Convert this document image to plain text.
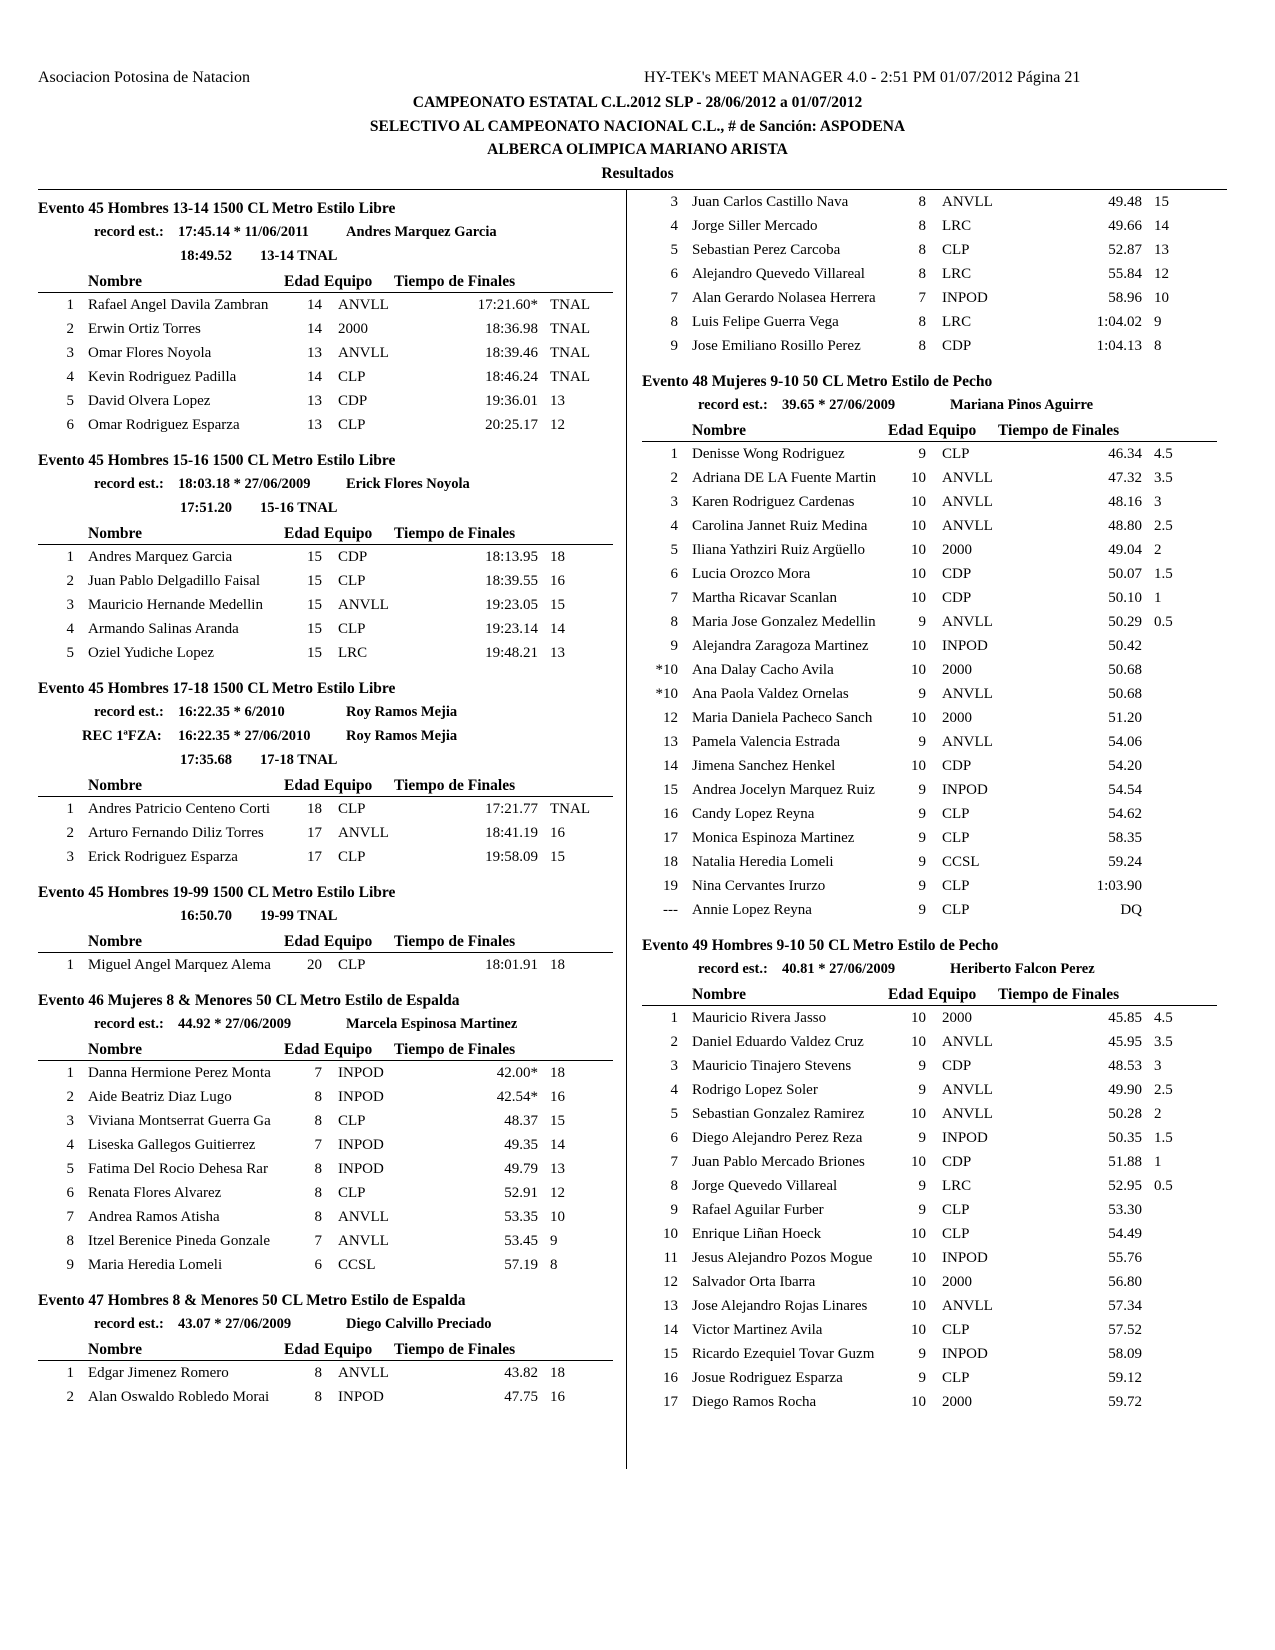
Asociacion Potosina de Natacion	HY-TEK's MEET MANAGER 4.0 - 2:51 PM 01/07/2012 Página 21
CAMPEONATO ESTATAL C.L.2012 SLP - 28/06/2012 a 01/07/2012
SELECTIVO AL CAMPEONATO NACIONAL C.L., # de Sanción: ASPODENA
ALBERCA OLIMPICA MARIANO ARISTA
Resultados
Evento 45 Hombres 13-14 1500 CL Metro Estilo Libre
record est.: 17:45.14 * 11/06/2011	Andres Marquez Garcia
18:49.52 13-14 TNAL
Nombre	Edad Equipo Tiempo de Finales
1 Rafael Angel Davila Zambran	14 ANVLL	17:21.60* TNAL
2 Erwin Ortiz Torres	14 2000	18:36.98 TNAL
3 Omar Flores Noyola	13 ANVLL	18:39.46 TNAL
4 Kevin Rodriguez Padilla	14 CLP	18:46.24 TNAL
5 David Olvera Lopez	13 CDP	19:36.01 13
6 Omar Rodriguez Esparza	13 CLP	20:25.17 12
Evento 45 Hombres 15-16 1500 CL Metro Estilo Libre
record est.: 18:03.18 * 27/06/2009 Erick Flores Noyola
17:51.20 15-16 TNAL
Nombre	Edad Equipo Tiempo de Finales
1 Andres Marquez Garcia	15 CDP	18:13.95 18
2 Juan Pablo Delgadillo Faisal	15 CLP	18:39.55 16
3 Mauricio Hernande Medellin	15 ANVLL	19:23.05 15
4 Armando Salinas Aranda	15 CLP	19:23.14 14
5 Oziel Yudiche Lopez	15 LRC	19:48.21 13
Evento 45 Hombres 17-18 1500 CL Metro Estilo Libre
record est.: 16:22.35 * 6/2010	Roy Ramos Mejia
REC 1ªFZA: 16:22.35 * 27/06/2010 Roy Ramos Mejia
17:35.68 17-18 TNAL
Nombre	Edad Equipo Tiempo de Finales
1 Andres Patricio Centeno Corti	18 CLP	17:21.77 TNAL
2 Arturo Fernando Diliz Torres	17 ANVLL	18:41.19 16
3 Erick Rodriguez Esparza	17 CLP	19:58.09 15
Evento 45 Hombres 19-99 1500 CL Metro Estilo Libre
16:50.70 19-99 TNAL
Nombre	Edad Equipo Tiempo de Finales
1 Miguel Angel Marquez Alema	20 CLP	18:01.91 18
Evento 46 Mujeres 8 & Menores 50 CL Metro Estilo de Espalda
record est.: 44.92 * 27/06/2009	Marcela Espinosa Martinez
Nombre	Edad Equipo Tiempo de Finales
1 Danna Hermione Perez Monta	7 INPOD	42.00* 18
2 Aide Beatriz Diaz Lugo	8 INPOD	42.54* 16
3 Viviana Montserrat Guerra Ga	8 CLP	48.37 15
4 Liseska Gallegos Guitierrez	7 INPOD	49.35 14
5 Fatima Del Rocio Dehesa Rar	8 INPOD	49.79 13
6 Renata Flores Alvarez	8 CLP	52.91 12
7 Andrea Ramos Atisha	8 ANVLL	53.35 10
8 Itzel Berenice Pineda Gonzale	7 ANVLL	53.45 9
9 Maria Heredia Lomeli	6 CCSL	57.19 8
Evento 47 Hombres 8 & Menores 50 CL Metro Estilo de Espalda
record est.: 43.07 * 27/06/2009	Diego Calvillo Preciado
Nombre	Edad Equipo Tiempo de Finales
1 Edgar Jimenez Romero	8 ANVLL	43.82 18
2 Alan Oswaldo Robledo Morai	8 INPOD	47.75 16
3 Juan Carlos Castillo Nava	8 ANVLL	49.48 15
4 Jorge Siller Mercado	8 LRC	49.66 14
5 Sebastian Perez Carcoba	8 CLP	52.87 13
6 Alejandro Quevedo Villareal	8 LRC	55.84 12
7 Alan Gerardo Nolasea Herrera	7 INPOD	58.96 10
8 Luis Felipe Guerra Vega	8 LRC	1:04.02 9
9 Jose Emiliano Rosillo Perez	8 CDP	1:04.13 8
Evento 48 Mujeres 9-10 50 CL Metro Estilo de Pecho
record est.: 39.65 * 27/06/2009	Mariana Pinos Aguirre
Nombre	Edad Equipo Tiempo de Finales
1 Denisse Wong Rodriguez	9 CLP	46.34 4.5
2 Adriana DE LA Fuente Martin	10 ANVLL	47.32 3.5
3 Karen Rodriguez Cardenas	10 ANVLL	48.16 3
4 Carolina Jannet Ruiz Medina	10 ANVLL	48.80 2.5
5 Iliana Yathziri Ruiz Argüello	10 2000	49.04 2
6 Lucia Orozco Mora	10 CDP	50.07 1.5
7 Martha Ricavar Scanlan	10 CDP	50.10 1
8 Maria Jose Gonzalez Medellin	9 ANVLL	50.29 0.5
9 Alejandra Zaragoza Martinez	10 INPOD	50.42
*10 Ana Dalay Cacho Avila	10 2000	50.68
*10 Ana Paola Valdez Ornelas	9 ANVLL	50.68
12 Maria Daniela Pacheco Sanch	10 2000	51.20
13 Pamela Valencia Estrada	9 ANVLL	54.06
14 Jimena Sanchez Henkel	10 CDP	54.20
15 Andrea Jocelyn Marquez Ruiz	9 INPOD	54.54
16 Candy Lopez Reyna	9 CLP	54.62
17 Monica Espinoza Martinez	9 CLP	58.35
18 Natalia Heredia Lomeli	9 CCSL	59.24
19 Nina Cervantes Irurzo	9 CLP	1:03.90
--- Annie Lopez Reyna	9 CLP	DQ
Evento 49 Hombres 9-10 50 CL Metro Estilo de Pecho
record est.: 40.81 * 27/06/2009	Heriberto Falcon Perez
Nombre	Edad Equipo Tiempo de Finales
1 Mauricio Rivera Jasso	10 2000	45.85 4.5
2 Daniel Eduardo Valdez Cruz	10 ANVLL	45.95 3.5
3 Mauricio Tinajero Stevens	9 CDP	48.53 3
4 Rodrigo Lopez Soler	9 ANVLL	49.90 2.5
5 Sebastian Gonzalez Ramirez	10 ANVLL	50.28 2
6 Diego Alejandro Perez Reza	9 INPOD	50.35 1.5
7 Juan Pablo Mercado Briones	10 CDP	51.88 1
8 Jorge Quevedo Villareal	9 LRC	52.95 0.5
9 Rafael Aguilar Furber	9 CLP	53.30
10 Enrique Liñan Hoeck	10 CLP	54.49
11 Jesus Alejandro Pozos Mogue	10 INPOD	55.76
12 Salvador Orta Ibarra	10 2000	56.80
13 Jose Alejandro Rojas Linares	10 ANVLL	57.34
14 Victor Martinez Avila	10 CLP	57.52
15 Ricardo Ezequiel Tovar Guzm	9 INPOD	58.09
16 Josue Rodriguez Esparza	9 CLP	59.12
17 Diego Ramos Rocha	10 2000	59.72
